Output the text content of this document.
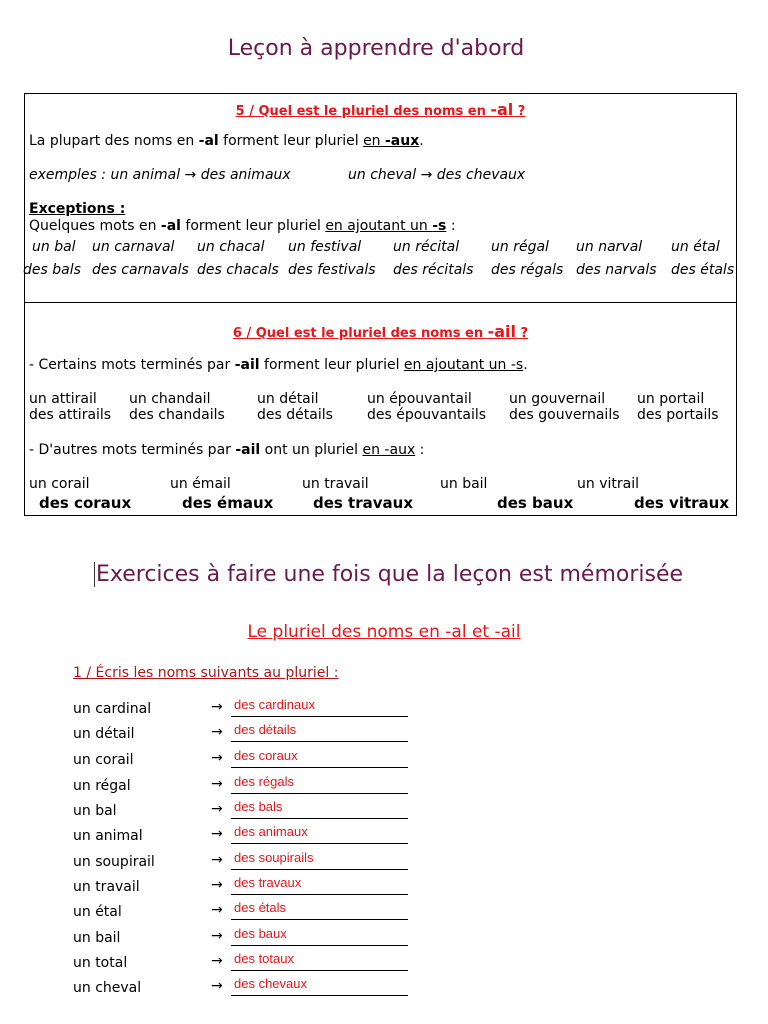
Leçon à apprendre d'abord
5 / Quel est le pluriel des noms en -al ?
La plupart des noms en -al forment leur pluriel en -aux.
exemples : un animal → des animaux	un cheval → des chevaux
Exceptions :
Quelques mots en -al forment leur pluriel en ajoutant un -s :
un bal un carnaval un chacal un festival un récital un régal un narval un étal
des bals des carnavals des chacals des festivals des récitals des régals des narvals des étals
6 / Quel est le pluriel des noms en -ail ?
- Certains mots terminés par -ail forment leur pluriel en ajoutant un -s.
un attirail un chandail	un détail	un épouvantail	un gouvernail un portail
des attirails des chandails des détails des épouvantails des gouvernails des portails
- D'autres mots terminés par -ail ont un pluriel en -aux :
un corail	un émail	un travail	un bail	un vitrail
des coraux	des émaux	des travaux	des baux	des vitraux
Exercices à faire une fois que la leçon est mémorisée
Le pluriel des noms en -al et -ail
1 / Écris les noms suivants au pluriel :
un cardinal	→ des cardinaux
un détail	→ des détails
un corail	→ des coraux
un régal	→ des régals
un bal	→ des bals
un animal	→ des animaux
un soupirail	→ des soupirails
un travail	→ des travaux
un étal	→ des étals
un bail	→ des baux
un total	→ des totaux
un cheval	→ des chevaux
